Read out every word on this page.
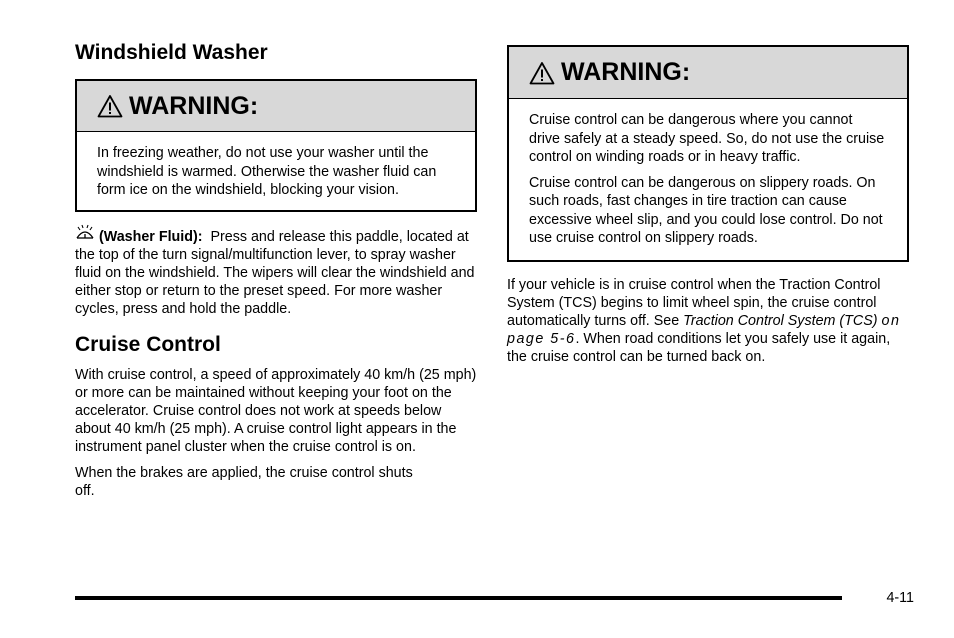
Windshield Washer
WARNING:

In freezing weather, do not use your washer until the windshield is warmed. Otherwise the washer fluid can form ice on the windshield, blocking your vision.

(Washer Fluid): Press and release this paddle, located at the top of the turn signal/multifunction lever, to spray washer fluid on the windshield. The wipers will clear the windshield and either stop or return to the preset speed. For more washer cycles, press and hold the paddle.

Cruise Control

With cruise control, a speed of approximately 40 km/h (25 mph) or more can be maintained without keeping your foot on the accelerator. Cruise control does not work at speeds below about 40 km/h (25 mph). A cruise control light appears in the instrument panel cluster when the cruise control is on.

When the brakes are applied, the cruise control shuts off.

WARNING:

Cruise control can be dangerous where you cannot drive safely at a steady speed. So, do not use the cruise control on winding roads or in heavy traffic.

Cruise control can be dangerous on slippery roads. On such roads, fast changes in tire traction can cause excessive wheel slip, and you could lose control. Do not use cruise control on slippery roads.

If your vehicle is in cruise control when the Traction Control System (TCS) begins to limit wheel spin, the cruise control automatically turns off. See Traction Control System (TCS) on page 5-6. When road conditions let you safely use it again, the cruise control can be turned back on.

4-11
